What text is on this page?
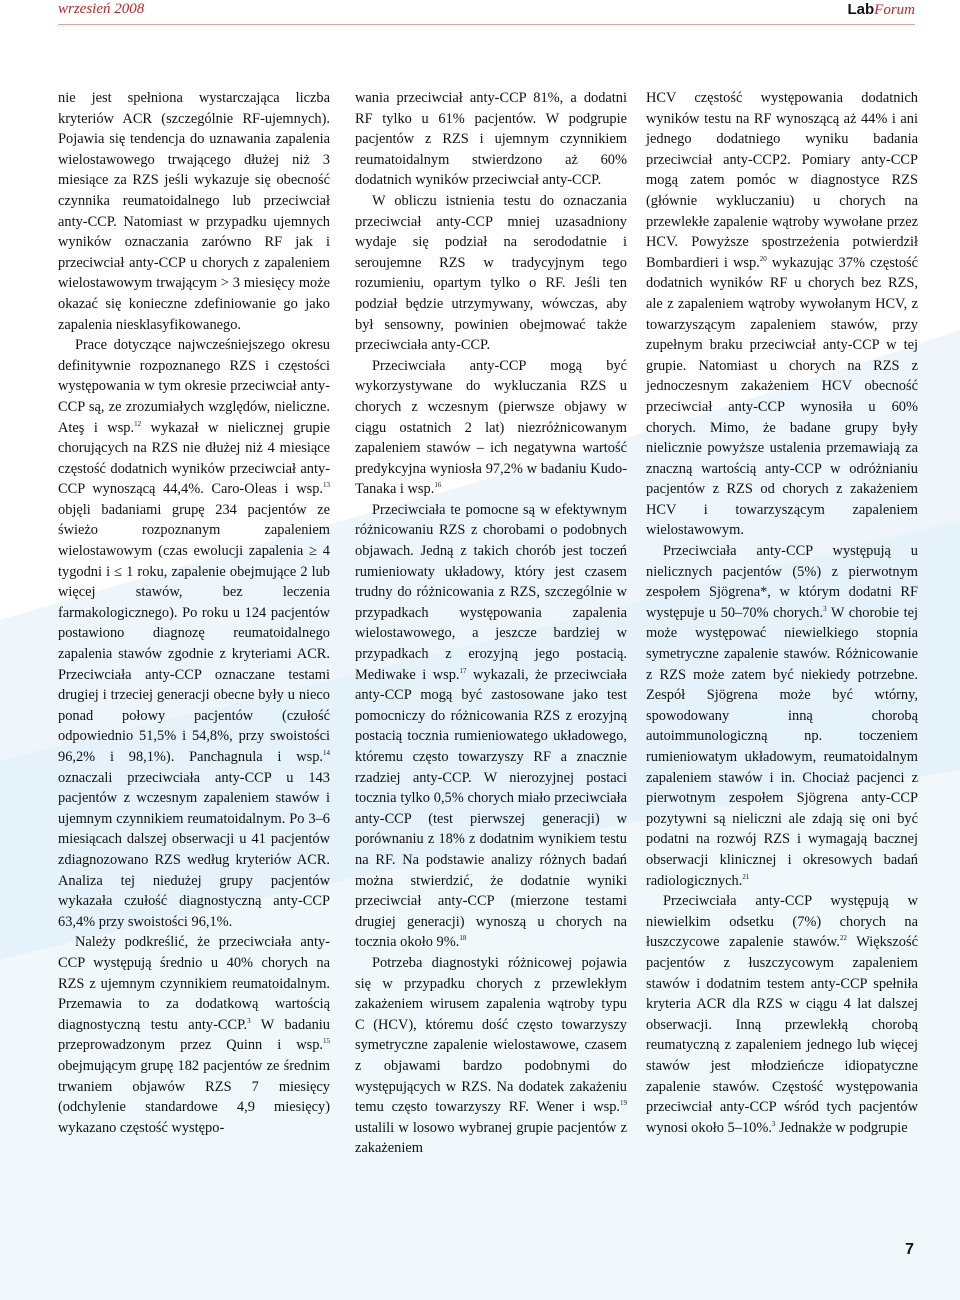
wrzesień 2008	LabForum

nie jest spełniona wystarczająca liczba kryteriów ACR (szczególnie RF-ujemnych). Pojawia się tendencja do uznawania zapalenia wielostawowego trwającego dłużej niż 3 miesiące za RZS jeśli wykazuje się obecność czynnika reumatoidalnego lub przeciwciał anty-CCP. Natomiast w przypadku ujemnych wyników oznaczania zarówno RF jak i przeciwciał anty-CCP u chorych z zapaleniem wielostawowym trwającym > 3 miesięcy może okazać się konieczne zdefiniowanie go jako zapalenia niesklasyfikowanego.

Prace dotyczące najwcześniejszego okresu definitywnie rozpoznanego RZS i częstości występowania w tym okresie przeciwciał anty-CCP są, ze zrozumiałych względów, nieliczne. Ateş i wsp.$^{12}$ wykazał w nielicznej grupie chorujących na RZS nie dłużej niż 4 miesiące częstość dodatnich wyników przeciwciał anty-CCP wynoszącą 44,4%. Caro-Oleas i wsp.$^{13}$ objęli badaniami grupę 234 pacjentów ze świeżo rozpoznanym zapaleniem wielostawowym (czas ewolucji zapalenia ≥ 4 tygodni i ≤ 1 roku, zapalenie obejmujące 2 lub więcej stawów, bez leczenia farmakologicznego). Po roku u 124 pacjentów postawiono diagnozę reumatoidalnego zapalenia stawów zgodnie z kryteriami ACR. Przeciwciała anty-CCP oznaczane testami drugiej i trzeciej generacji obecne były u nieco ponad połowy pacjentów (czułość odpowiednio 51,5% i 54,8%, przy swoistości 96,2% i 98,1%). Panchagnula i wsp.$^{14}$ oznaczali przeciwciała anty-CCP u 143 pacjentów z wczesnym zapaleniem stawów i ujemnym czynnikiem reumatoidalnym. Po 3–6 miesiącach dalszej obserwacji u 41 pacjentów zdiagnozowano RZS według kryteriów ACR. Analiza tej niedużej grupy pacjentów wykazała czułość diagnostyczną anty-CCP 63,4% przy swoistości 96,1%.

Należy podkreślić, że przeciwciała anty-CCP występują średnio u 40% chorych na RZS z ujemnym czynnikiem reumatoidalnym. Przemawia to za dodatkową wartością diagnostyczną testu anty-CCP.$^3$ W badaniu przeprowadzonym przez Quinn i wsp.$^{15}$ obejmującym grupę 182 pacjentów ze średnim trwaniem objawów RZS 7 miesięcy (odchylenie standardowe 4,9 miesięcy) wykazano częstość występo-

wania przeciwciał anty-CCP 81%, a dodatni RF tylko u 61% pacjentów. W podgrupie pacjentów z RZS i ujemnym czynnikiem reumatoidalnym stwierdzono aż 60% dodatnich wyników przeciwciał anty-CCP.

W obliczu istnienia testu do oznaczania przeciwciał anty-CCP mniej uzasadniony wydaje się podział na serododatnie i seroujemne RZS w tradycyjnym tego rozumieniu, opartym tylko o RF. Jeśli ten podział będzie utrzymywany, wówczas, aby był sensowny, powinien obejmować także przeciwciała anty-CCP.

Przeciwciała anty-CCP mogą być wykorzystywane do wykluczania RZS u chorych z wczesnym (pierwsze objawy w ciągu ostatnich 2 lat) niezróżnicowanym zapaleniem stawów – ich negatywna wartość predykcyjna wyniosła 97,2% w badaniu Kudo-Tanaka i wsp.$^{16}$

Przeciwciała te pomocne są w efektywnym różnicowaniu RZS z chorobami o podobnych objawach. Jedną z takich chorób jest toczeń rumieniowaty układowy, który jest czasem trudny do różnicowania z RZS, szczególnie w przypadkach występowania zapalenia wielostawowego, a jeszcze bardziej w przypadkach z erozyjną jego postacią. Mediwake i wsp.$^{17}$ wykazali, że przeciwciała anty-CCP mogą być zastosowane jako test pomocniczy do różnicowania RZS z erozyjną postacią tocznia rumieniowatego układowego, któremu często towarzyszy RF a znacznie rzadziej anty-CCP. W nierozyjnej postaci tocznia tylko 0,5% chorych miało przeciwciała anty-CCP (test pierwszej generacji) w porównaniu z 18% z dodatnim wynikiem testu na RF. Na podstawie analizy różnych badań można stwierdzić, że dodatnie wyniki przeciwciał anty-CCP (mierzone testami drugiej generacji) wynoszą u chorych na tocznia około 9%.$^{18}$

Potrzeba diagnostyki różnicowej pojawia się w przypadku chorych z przewlekłym zakażeniem wirusem zapalenia wątroby typu C (HCV), któremu dość często towarzyszy symetryczne zapalenie wielostawowe, czasem z objawami bardzo podobnymi do występujących w RZS. Na dodatek zakażeniu temu często towarzyszy RF. Wener i wsp.$^{19}$ ustalili w losowo wybranej grupie pacjentów z zakażeniem

HCV częstość występowania dodatnich wyników testu na RF wynoszącą aż 44% i ani jednego dodatniego wyniku badania przeciwciał anty-CCP2. Pomiary anty-CCP mogą zatem pomóc w diagnostyce RZS (głównie wykluczaniu) u chorych na przewlekłe zapalenie wątroby wywołane przez HCV. Powyższe spostrzeżenia potwierdził Bombardieri i wsp.$^{20}$ wykazując 37% częstość dodatnich wyników RF u chorych bez RZS, ale z zapaleniem wątroby wywołanym HCV, z towarzyszącym zapaleniem stawów, przy zupełnym braku przeciwciał anty-CCP w tej grupie. Natomiast u chorych na RZS z jednoczesnym zakażeniem HCV obecność przeciwciał anty-CCP wynosiła u 60% chorych. Mimo, że badane grupy były nielicznie powyższe ustalenia przemawiają za znaczną wartością anty-CCP w odróżnianiu pacjentów z RZS od chorych z zakażeniem HCV i towarzyszącym zapaleniem wielostawowym.

Przeciwciała anty-CCP występują u nielicznych pacjentów (5%) z pierwotnym zespołem Sjögrena*, w którym dodatni RF występuje u 50–70% chorych.$^3$ W chorobie tej może występować niewielkiego stopnia symetryczne zapalenie stawów. Różnicowanie z RZS może zatem być niekiedy potrzebne. Zespół Sjögrena może być wtórny, spowodowany inną chorobą autoimmunologiczną np. toczeniem rumieniowatym układowym, reumatoidalnym zapaleniem stawów i in. Chociaż pacjenci z pierwotnym zespołem Sjögrena anty-CCP pozytywni są nieliczni ale zdają się oni być podatni na rozwój RZS i wymagają bacznej obserwacji klinicznej i okresowych badań radiologicznych.$^{21}$

Przeciwciała anty-CCP występują w niewielkim odsetku (7%) chorych na łuszczycowe zapalenie stawów.$^{22}$ Większość pacjentów z łuszczycowym zapaleniem stawów i dodatnim testem anty-CCP spełniła kryteria ACR dla RZS w ciągu 4 lat dalszej obserwacji. Inną przewlekłą chorobą reumatyczną z zapaleniem jednego lub więcej stawów jest młodzieńcze idiopatyczne zapalenie stawów. Częstość występowania przeciwciał anty-CCP wśród tych pacjentów wynosi około 5–10%.$^3$ Jednakże w podgrupie

7
